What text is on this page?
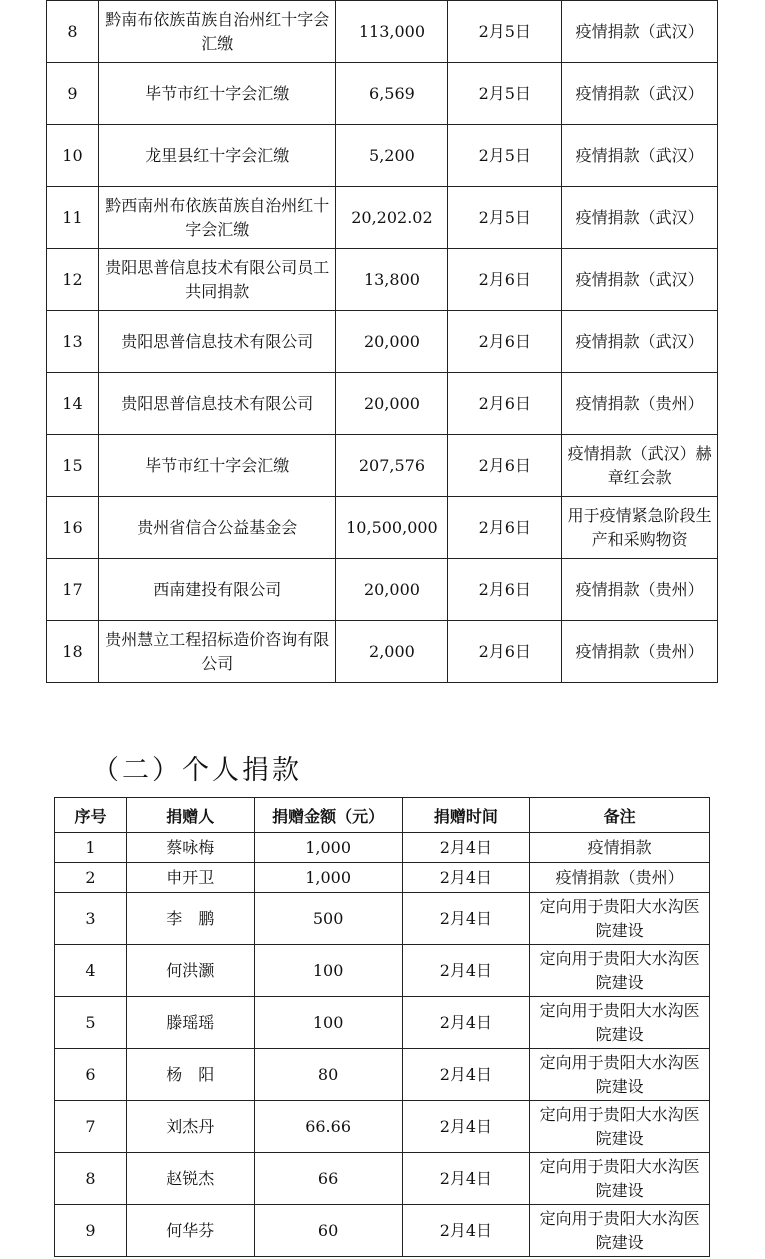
8	黔南布依族苗族自治州红十字会汇缴	113,000	2月5日	疫情捐款（武汉）
9	毕节市红十字会汇缴	6,569	2月5日	疫情捐款（武汉）
10	龙里县红十字会汇缴	5,200	2月5日	疫情捐款（武汉）
11	黔西南州布依族苗族自治州红十字会汇缴	20,202.02	2月5日	疫情捐款（武汉）
12	贵阳思普信息技术有限公司员工共同捐款	13,800	2月6日	疫情捐款（武汉）
13	贵阳思普信息技术有限公司	20,000	2月6日	疫情捐款（武汉）
14	贵阳思普信息技术有限公司	20,000	2月6日	疫情捐款（贵州）
15	毕节市红十字会汇缴	207,576	2月6日	疫情捐款（武汉）赫章红会款
16	贵州省信合公益基金会	10,500,000	2月6日	用于疫情紧急阶段生产和采购物资
17	西南建投有限公司	20,000	2月6日	疫情捐款（贵州）
18	贵州慧立工程招标造价咨询有限公司	2,000	2月6日	疫情捐款（贵州）
（二）个人捐款
序号	捐赠人	捐赠金额（元）	捐赠时间	备注
1	蔡咏梅	1,000	2月4日	疫情捐款
2	申开卫	1,000	2月4日	疫情捐款（贵州）
3	李　鹏	500	2月4日	定向用于贵阳大水沟医院建设
4	何洪灏	100	2月4日	定向用于贵阳大水沟医院建设
5	滕瑶瑶	100	2月4日	定向用于贵阳大水沟医院建设
6	杨　阳	80	2月4日	定向用于贵阳大水沟医院建设
7	刘杰丹	66.66	2月4日	定向用于贵阳大水沟医院建设
8	赵锐杰	66	2月4日	定向用于贵阳大水沟医院建设
9	何华芬	60	2月4日	定向用于贵阳大水沟医院建设
